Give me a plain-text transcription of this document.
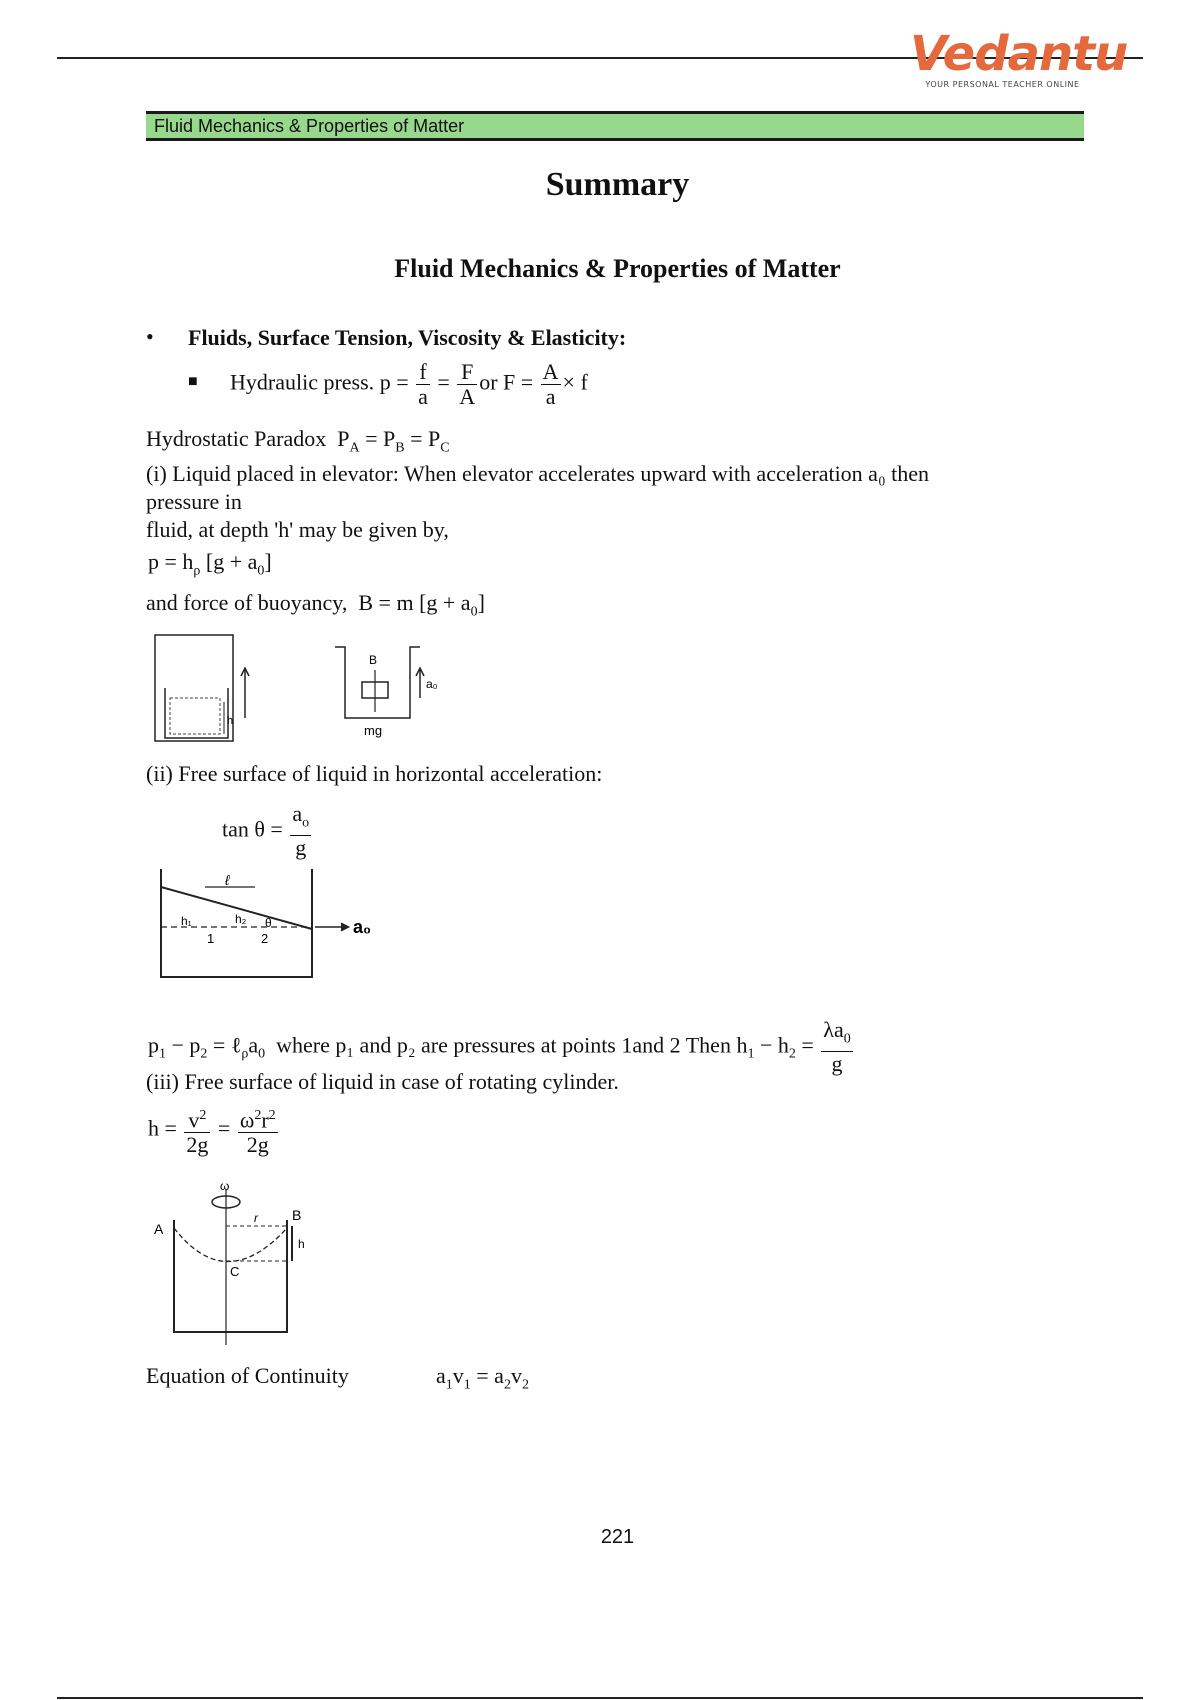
Vedantu
YOUR PERSONAL TEACHER ONLINE
Fluid Mechanics & Properties of Matter
Summary
Fluid Mechanics & Properties of Matter
• Fluids, Surface Tension, Viscosity & Elasticity:
■ Hydraulic press. $p = \frac{f}{a} = \frac{F}{A}$ or $F = \frac{A}{a} \times f$
Hydrostatic Paradox  $P_A = P_B = P_C$
(i) Liquid placed in elevator: When elevator accelerates upward with acceleration a₀ then
pressure in
fluid, at depth 'h' may be given by,
$p = h_\rho$ $[g + a_0]$
and force of buoyancy,  B = m $[g + a_0]$
h
B
mg
a₀
(ii) Free surface of liquid in horizontal acceleration:
$\tan \theta = \frac{a_o}{g}$
ℓ
h₁	h₂ θ
1	2
a₀
$p_1 - p_2$ = $\ell_\rho a_0$ where p₁ and p₂ are pressures at points 1and 2 Then $h_1 - h_2 = \frac{\lambda a_0}{g}$
(iii) Free surface of liquid in case of rotating cylinder.
$h = \frac{v^2}{2g} = \frac{\omega^2r^2}{2g}$
ω
r
A
B
C
h
Equation of Continuity	$a_1v_1 = a_2v_2$
221
